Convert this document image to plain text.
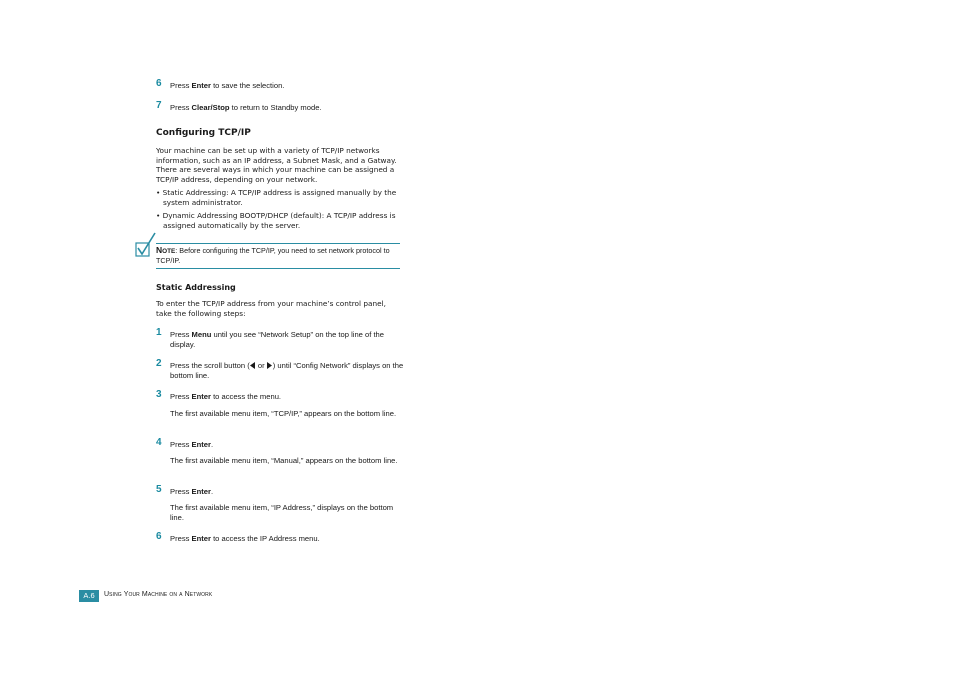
6 Press Enter to save the selection.
7 Press Clear/Stop to return to Standby mode.
Configuring TCP/IP
Your machine can be set up with a variety of TCP/IP networks information, such as an IP address, a Subnet Mask, and a Gatway. There are several ways in which your machine can be assigned a TCP/IP address, depending on your network.
• Static Addressing: A TCP/IP address is assigned manually by the system administrator.
• Dynamic Addressing BOOTP/DHCP (default): A TCP/IP address is assigned automatically by the server.
NOTE: Before configuring the TCP/IP, you need to set network protocol to TCP/IP.
Static Addressing
To enter the TCP/IP address from your machine’s control panel, take the following steps:
1 Press Menu until you see “Network Setup” on the top line of the display.
2 Press the scroll button ( or ) until “Config Network” displays on the bottom line.
3 Press Enter to access the menu.
The first available menu item, “TCP/IP,” appears on the bottom line.
4 Press Enter.
The first available menu item, “Manual,” appears on the bottom line.
5 Press Enter.
The first available menu item, “IP Address,” displays on the bottom line.
6 Press Enter to access the IP Address menu.
A.6	Using Your Machine on a Network
